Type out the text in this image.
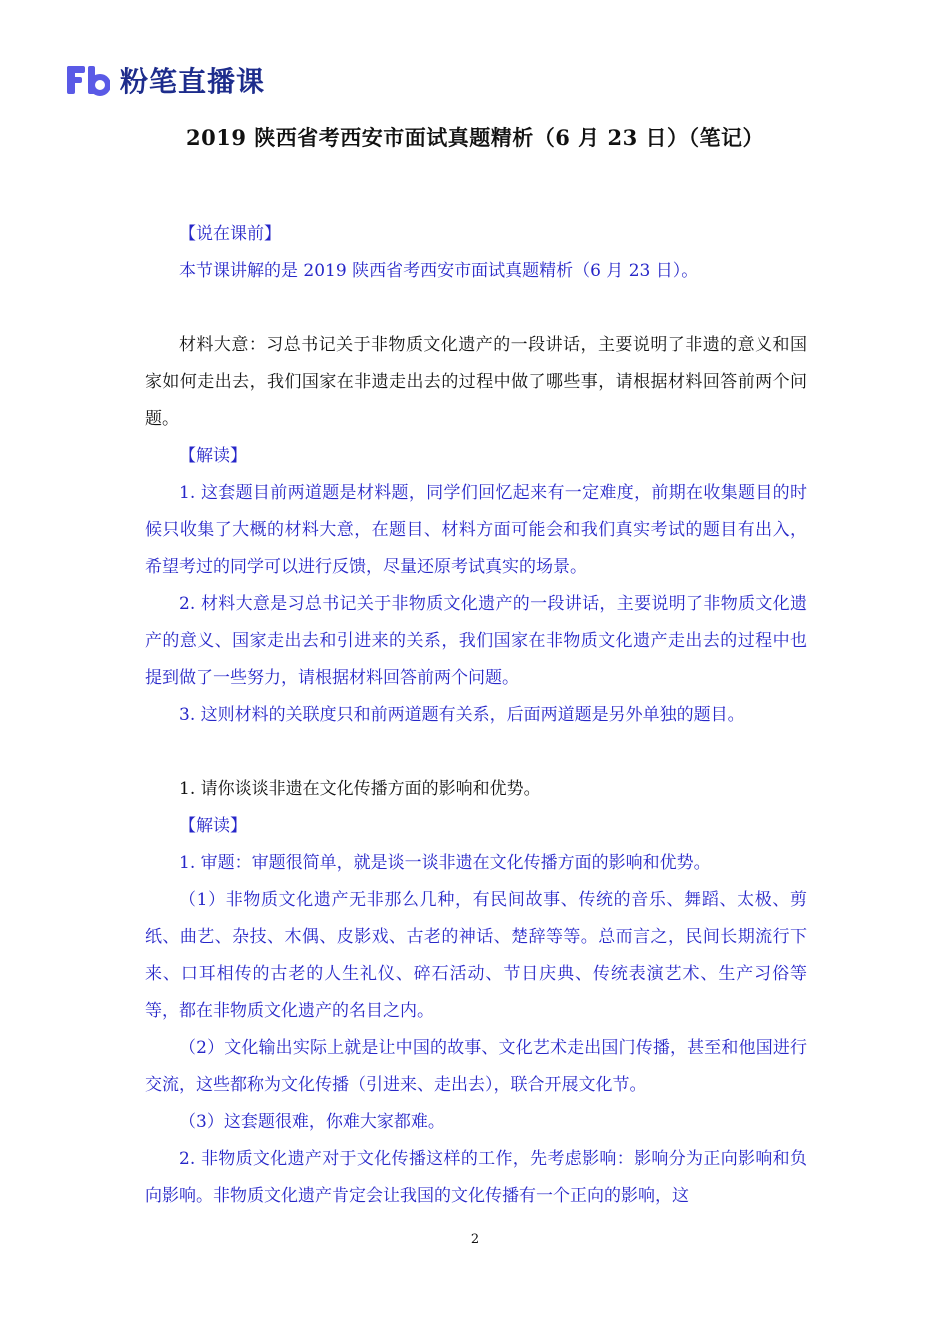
粉笔直播课
2019 陕西省考西安市面试真题精析（6 月 23 日）（笔记）

【说在课前】

本节课讲解的是 2019 陕西省考西安市面试真题精析（6 月 23 日）。

材料大意：习总书记关于非物质文化遗产的一段讲话，主要说明了非遗的意义和国家如何走出去，我们国家在非遗走出去的过程中做了哪些事，请根据材料回答前两个问题。

【解读】

1. 这套题目前两道题是材料题，同学们回忆起来有一定难度，前期在收集题目的时候只收集了大概的材料大意，在题目、材料方面可能会和我们真实考试的题目有出入，希望考过的同学可以进行反馈，尽量还原考试真实的场景。

2. 材料大意是习总书记关于非物质文化遗产的一段讲话，主要说明了非物质文化遗产的意义、国家走出去和引进来的关系，我们国家在非物质文化遗产走出去的过程中也提到做了一些努力，请根据材料回答前两个问题。

3. 这则材料的关联度只和前两道题有关系，后面两道题是另外单独的题目。

1. 请你谈谈非遗在文化传播方面的影响和优势。

【解读】

1. 审题：审题很简单，就是谈一谈非遗在文化传播方面的影响和优势。

（1）非物质文化遗产无非那么几种，有民间故事、传统的音乐、舞蹈、太极、剪纸、曲艺、杂技、木偶、皮影戏、古老的神话、楚辞等等。总而言之，民间长期流行下来、口耳相传的古老的人生礼仪、碎石活动、节日庆典、传统表演艺术、生产习俗等等，都在非物质文化遗产的名目之内。

（2）文化输出实际上就是让中国的故事、文化艺术走出国门传播，甚至和他国进行交流，这些都称为文化传播（引进来、走出去），联合开展文化节。

（3）这套题很难，你难大家都难。

2. 非物质文化遗产对于文化传播这样的工作，先考虑影响：影响分为正向影响和负向影响。非物质文化遗产肯定会让我国的文化传播有一个正向的影响，这

2
